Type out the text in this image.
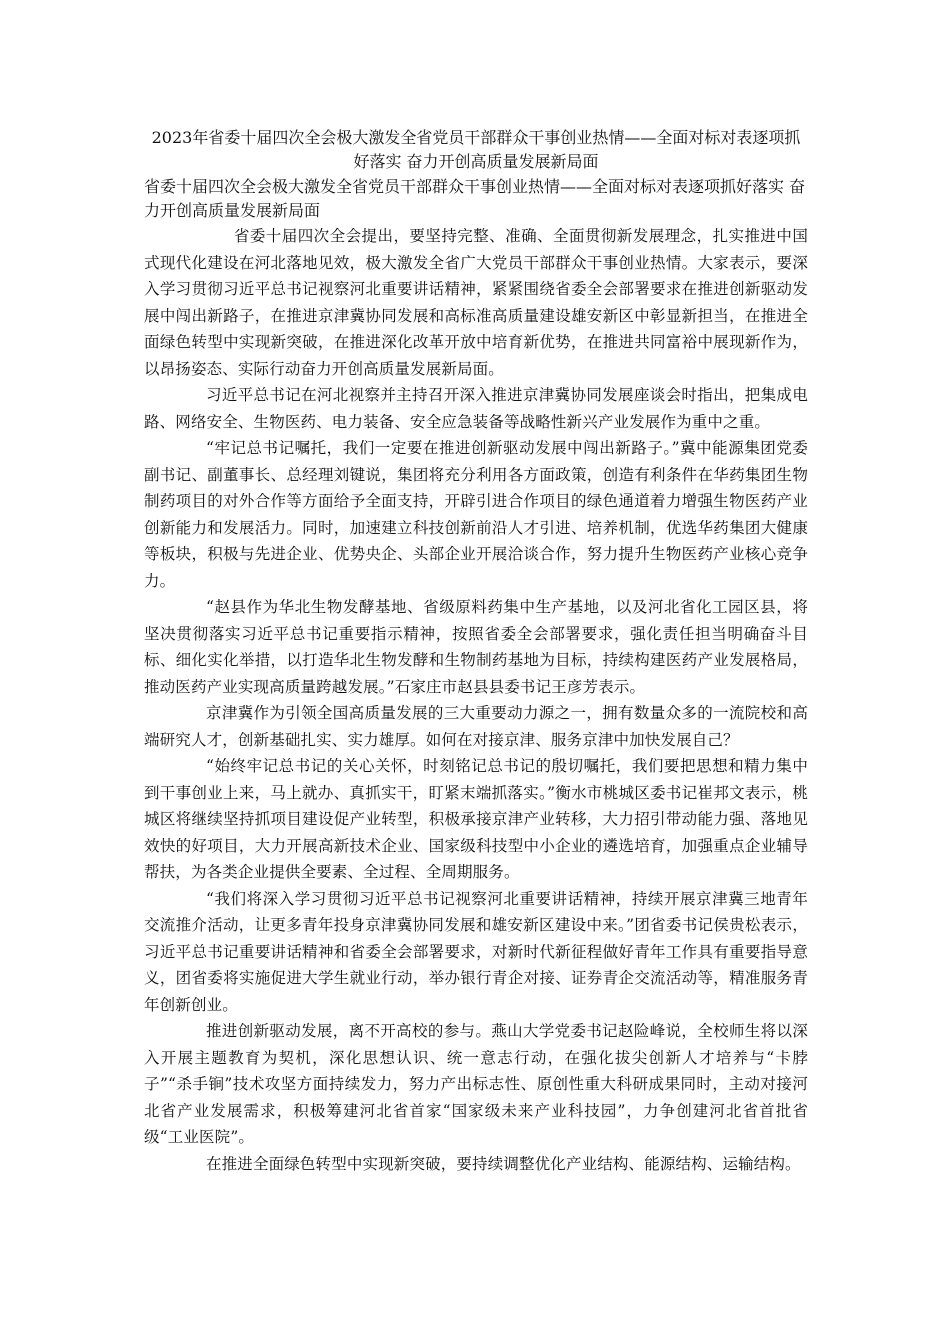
2023年省委十届四次全会极大激发全省党员干部群众干事创业热情——全面对标对表逐项抓好落实 奋力开创高质量发展新局面
省委十届四次全会极大激发全省党员干部群众干事创业热情——全面对标对表逐项抓好落实 奋力开创高质量发展新局面

省委十届四次全会提出，要坚持完整、准确、全面贯彻新发展理念，扎实推进中国式现代化建设在河北落地见效，极大激发全省广大党员干部群众干事创业热情。大家表示，要深入学习贯彻习近平总书记视察河北重要讲话精神，紧紧围绕省委全会部署要求在推进创新驱动发展中闯出新路子，在推进京津冀协同发展和高标准高质量建设雄安新区中彰显新担当，在推进全面绿色转型中实现新突破，在推进深化改革开放中培育新优势，在推进共同富裕中展现新作为，以昂扬姿态、实际行动奋力开创高质量发展新局面。

习近平总书记在河北视察并主持召开深入推进京津冀协同发展座谈会时指出，把集成电路、网络安全、生物医药、电力装备、安全应急装备等战略性新兴产业发展作为重中之重。

“牢记总书记嘱托，我们一定要在推进创新驱动发展中闯出新路子。”冀中能源集团党委副书记、副董事长、总经理刘键说，集团将充分利用各方面政策，创造有利条件在华药集团生物制药项目的对外合作等方面给予全面支持，开辟引进合作项目的绿色通道着力增强生物医药产业创新能力和发展活力。同时，加速建立科技创新前沿人才引进、培养机制，优选华药集团大健康等板块，积极与先进企业、优势央企、头部企业开展洽谈合作，努力提升生物医药产业核心竞争力。

“赵县作为华北生物发酵基地、省级原料药集中生产基地，以及河北省化工园区县，将坚决贯彻落实习近平总书记重要指示精神，按照省委全会部署要求，强化责任担当明确奋斗目标、细化实化举措，以打造华北生物发酵和生物制药基地为目标，持续构建医药产业发展格局，推动医药产业实现高质量跨越发展。”石家庄市赵县县委书记王彦芳表示。

京津冀作为引领全国高质量发展的三大重要动力源之一，拥有数量众多的一流院校和高端研究人才，创新基础扎实、实力雄厚。如何在对接京津、服务京津中加快发展自己？

“始终牢记总书记的关心关怀，时刻铭记总书记的殷切嘱托，我们要把思想和精力集中到干事创业上来，马上就办、真抓实干，盯紧末端抓落实。”衡水市桃城区委书记崔邦文表示，桃城区将继续坚持抓项目建设促产业转型，积极承接京津产业转移，大力招引带动能力强、落地见效快的好项目，大力开展高新技术企业、国家级科技型中小企业的遴选培育，加强重点企业辅导帮扶，为各类企业提供全要素、全过程、全周期服务。

“我们将深入学习贯彻习近平总书记视察河北重要讲话精神，持续开展京津冀三地青年交流推介活动，让更多青年投身京津冀协同发展和雄安新区建设中来。”团省委书记侯贵松表示，习近平总书记重要讲话精神和省委全会部署要求，对新时代新征程做好青年工作具有重要指导意义，团省委将实施促进大学生就业行动，举办银行青企对接、证券青企交流活动等，精准服务青年创新创业。

推进创新驱动发展，离不开高校的参与。燕山大学党委书记赵险峰说，全校师生将以深入开展主题教育为契机，深化思想认识、统一意志行动，在强化拔尖创新人才培养与“卡脖子”“杀手锏”技术攻坚方面持续发力，努力产出标志性、原创性重大科研成果同时，主动对接河北省产业发展需求，积极筹建河北省首家“国家级未来产业科技园”，力争创建河北省首批省级“工业医院”。

在推进全面绿色转型中实现新突破，要持续调整优化产业结构、能源结构、运输结构。
